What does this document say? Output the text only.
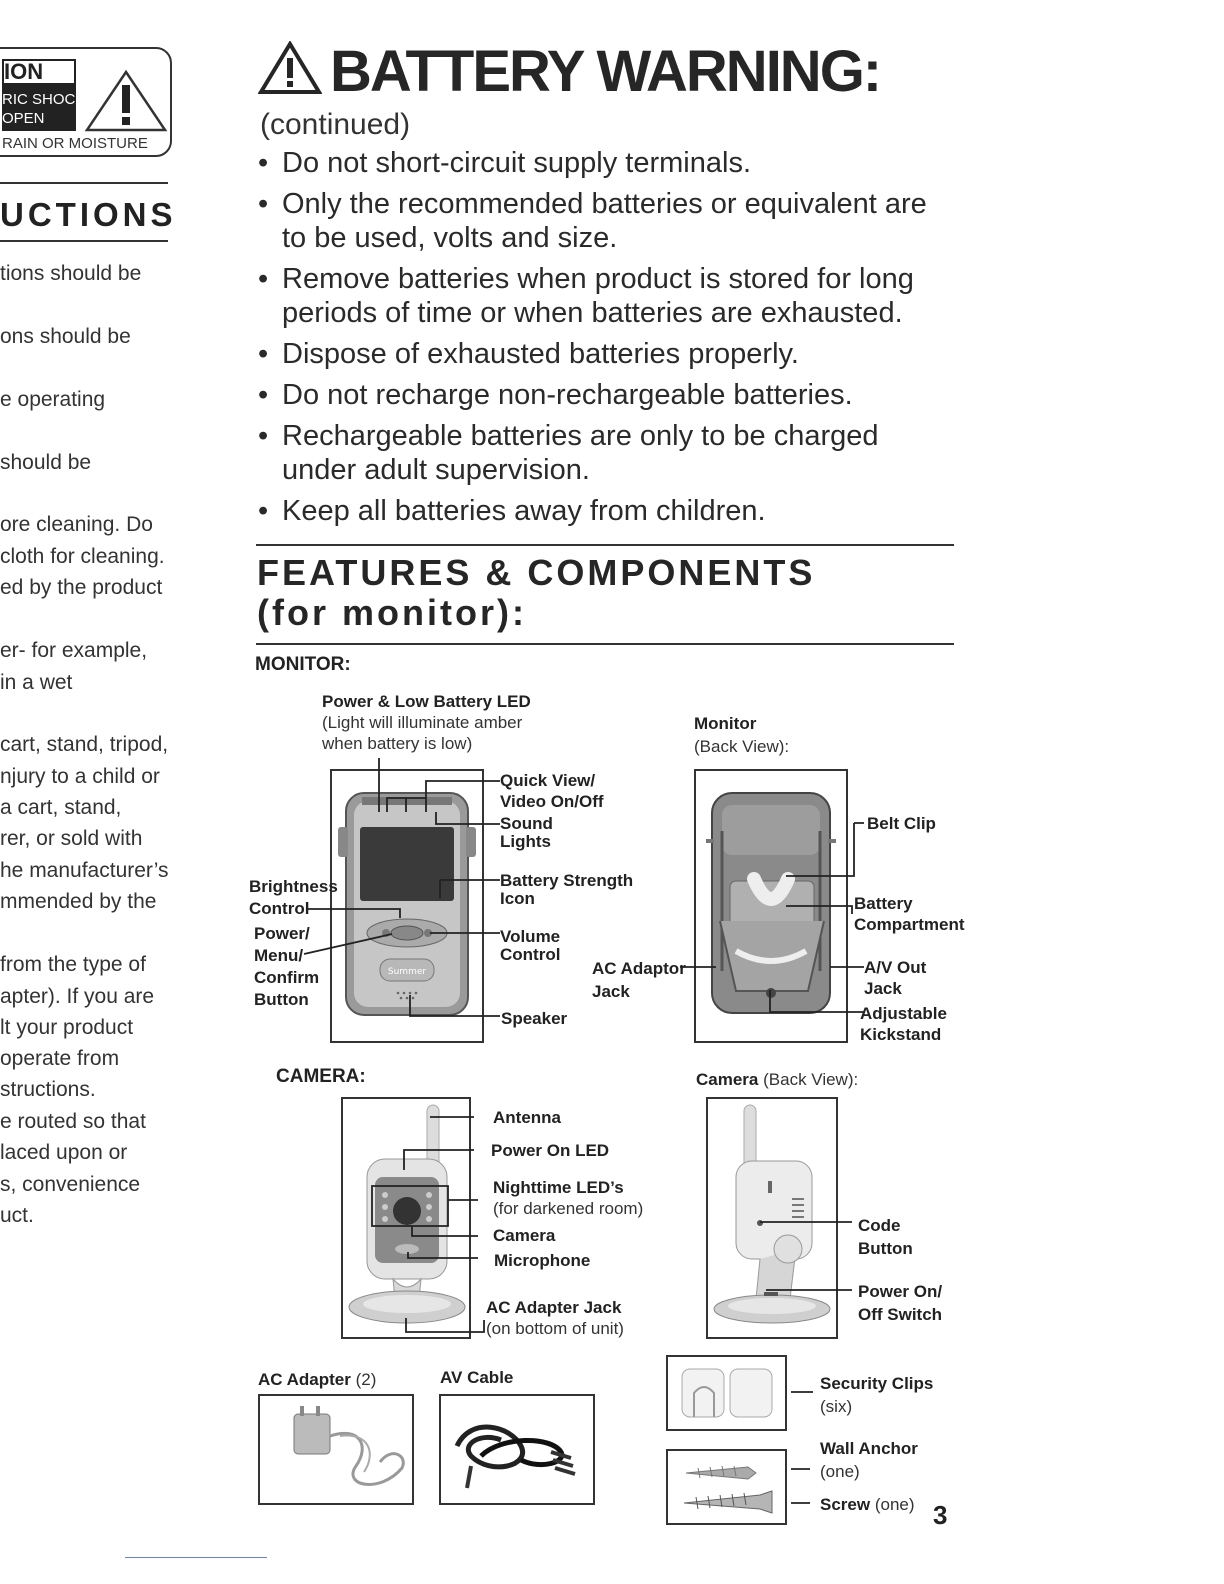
ION
RIC SHOCK
OPEN
RAIN OR MOISTURE
UCTIONS
tions should be
ons should be
e operating
should be
ore cleaning. Do
cloth for cleaning.
ed by the product
er- for example,
in a wet
cart, stand, tripod,
njury to a child or
a cart, stand,
rer, or sold with
he manufacturer’s
mmended by the
from the type of
apter). If you are
lt your product
operate from
structions.
e routed so that
laced upon or
s, convenience
uct.
BATTERY WARNING:
(continued)
• Do not short-circuit supply terminals.
• Only the recommended batteries or equivalent are to be used, volts and size.
• Remove batteries when product is stored for long periods of time or when batteries are exhausted.
• Dispose of exhausted batteries properly.
• Do not recharge non-rechargeable batteries.
• Rechargeable batteries are only to be charged under adult supervision.
• Keep all batteries away from children.
FEATURES & COMPONENTS
(for monitor):
MONITOR:
CAMERA:
Summer
Power & Low Battery LED
(Light will illuminate amber
when battery is low)
Quick View/
Video On/Off
Sound
Lights
Battery Strength
Icon
Volume
Control
Speaker
Brightness
Control
Power/
Menu/
Confirm
Button
Monitor
(Back View):
Belt Clip
Battery
Compartment
AC Adaptor
Jack
A/V Out
Jack
Adjustable
Kickstand
Antenna
Power On LED
Nighttime LED’s
(for darkened room)
Camera
Microphone
AC Adapter Jack
(on bottom of unit)
Camera (Back View):
Code
Button
Power On/
Off Switch
AC Adapter (2)	AV Cable	Security Clips
(six)
Wall Anchor
(one)
Screw (one) 3
